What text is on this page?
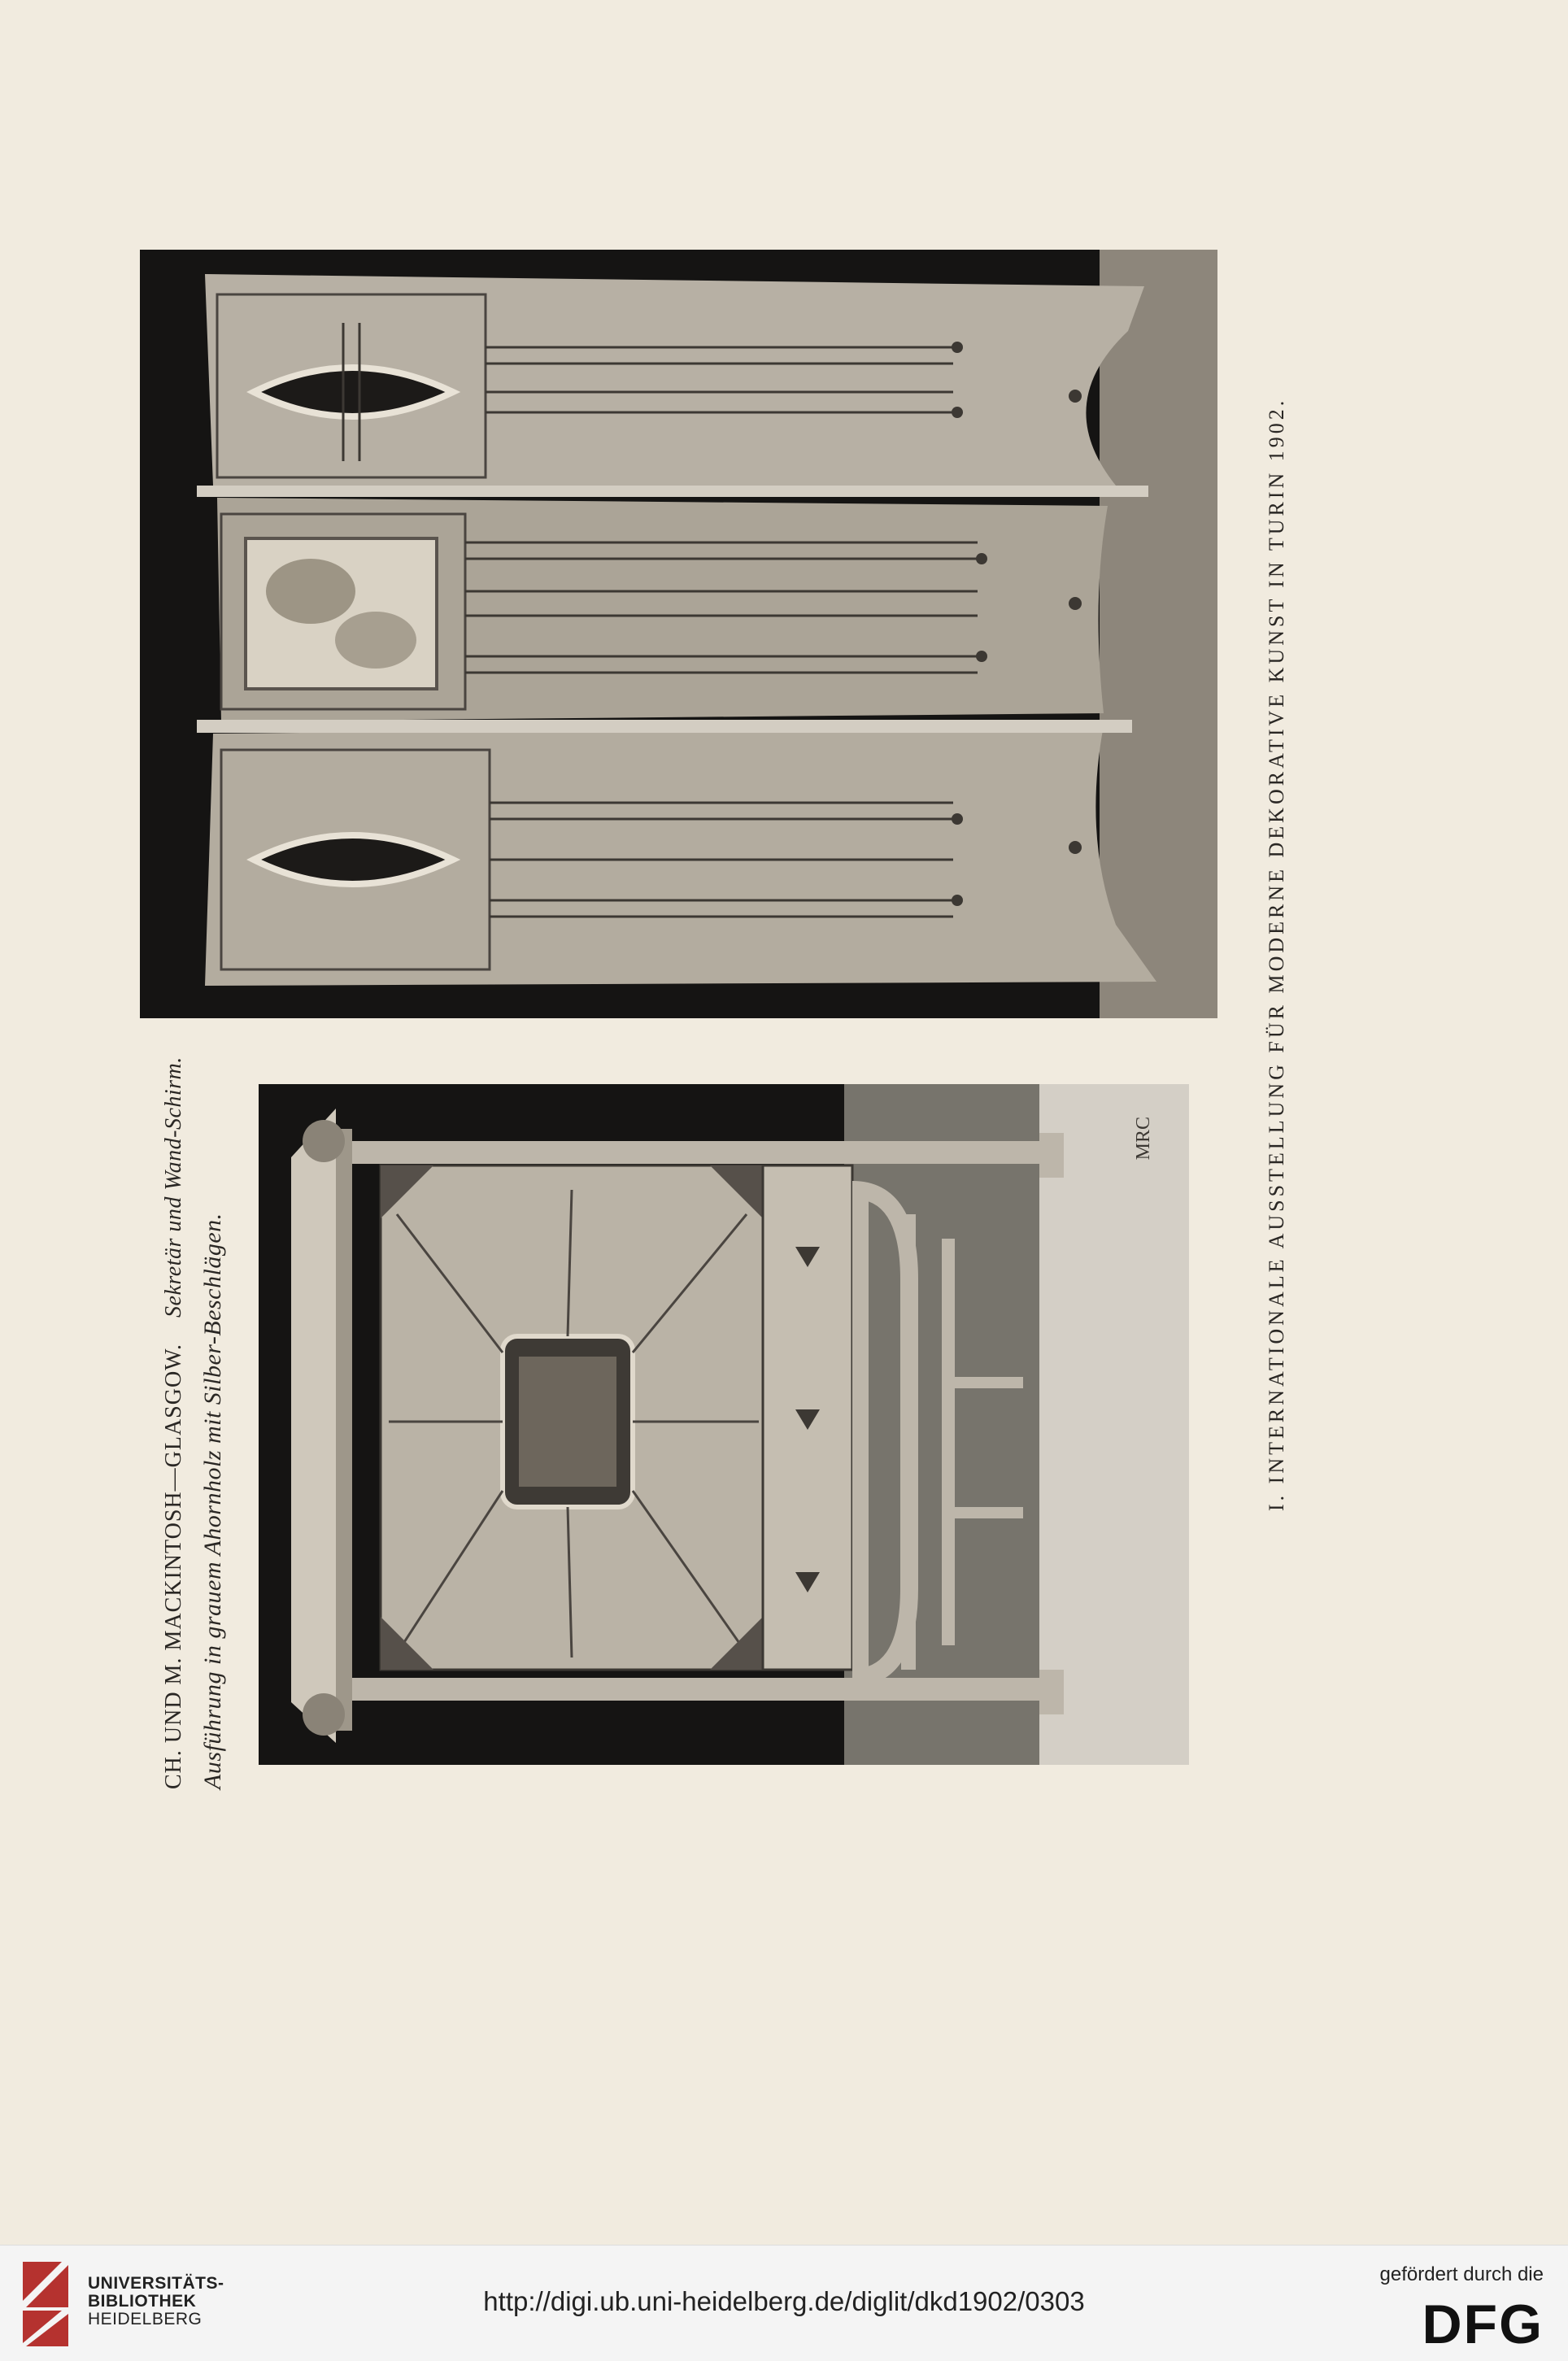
CH. UND M. MACKINTOSH—GLASGOW.    Sekretär und Wand-Schirm.
Ausführung in grauem Ahornholz mit Silber-Beschlägen.	I. INTERNATIONALE AUSSTELLUNG FÜR MODERNE DEKORATIVE KUNST IN TURIN 1902.
MRC
UNIVERSITÄTS-
BIBLIOTHEK
HEIDELBERG
http://digi.ub.uni-heidelberg.de/diglit/dkd1902/0303
gefördert durch die
DFG
